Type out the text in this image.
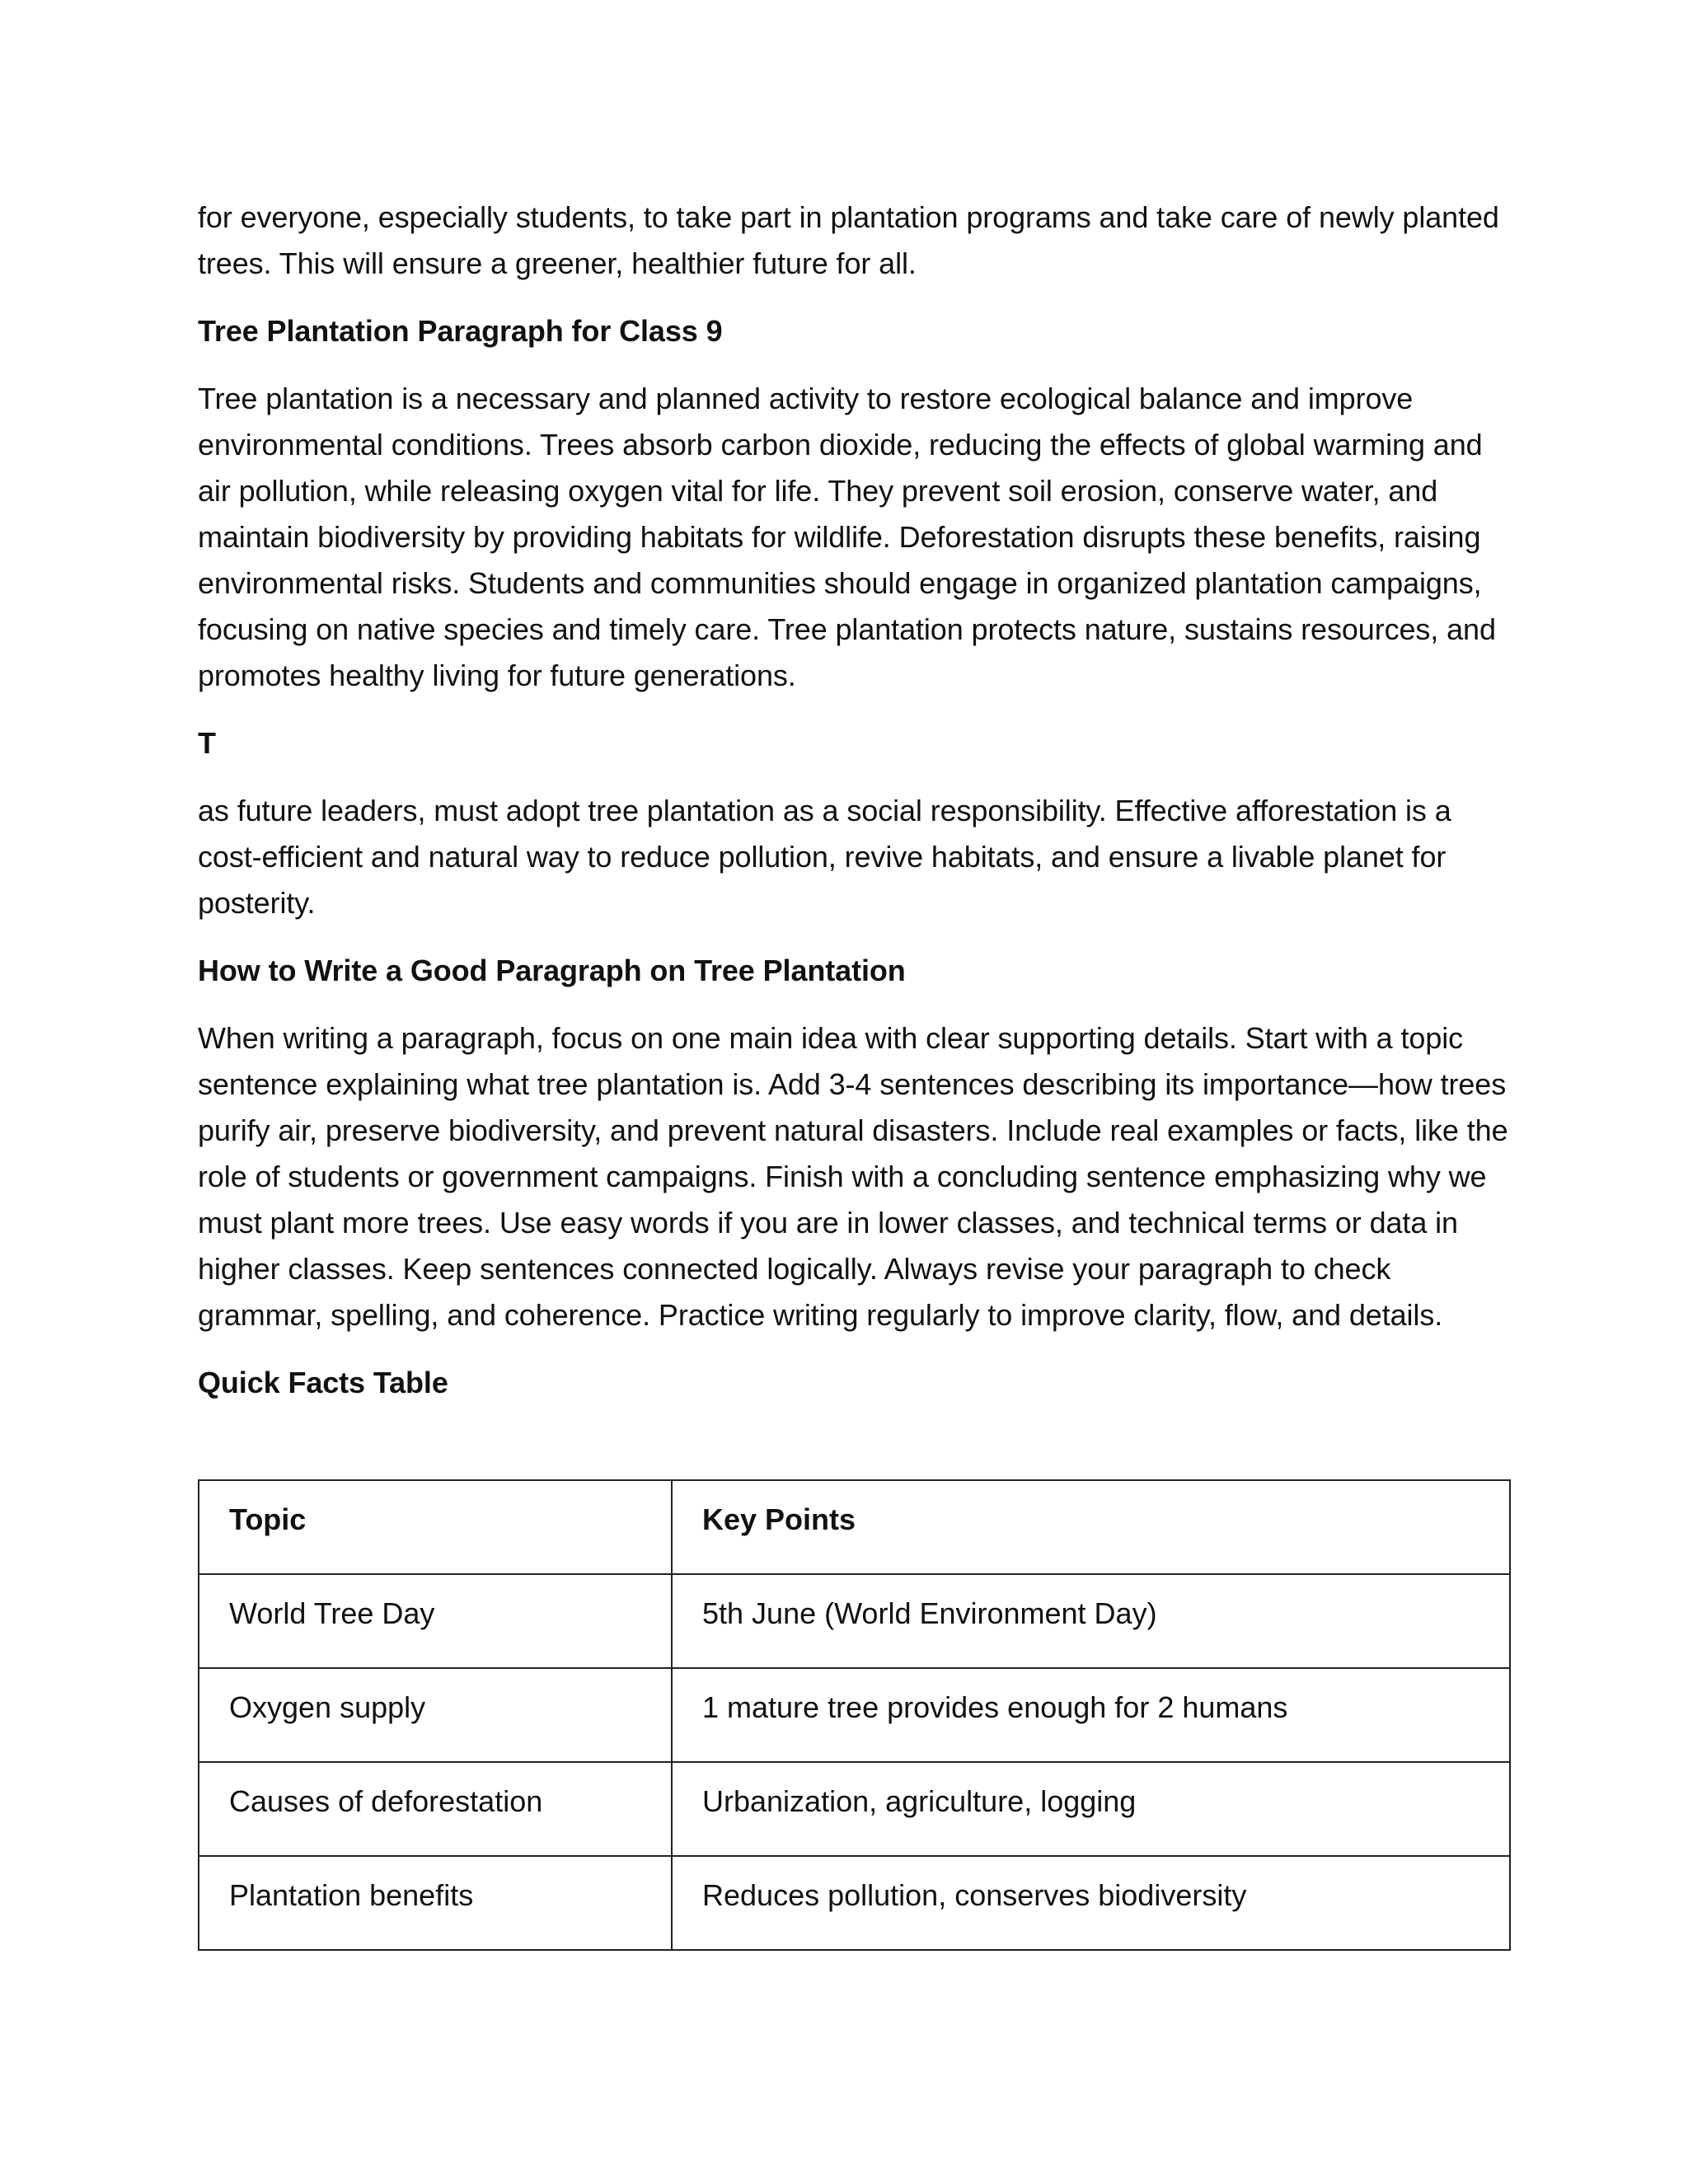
for everyone, especially students, to take part in plantation programs and take care of newly planted trees. This will ensure a greener, healthier future for all.

Tree Plantation Paragraph for Class 9

Tree plantation is a necessary and planned activity to restore ecological balance and improve environmental conditions. Trees absorb carbon dioxide, reducing the effects of global warming and air pollution, while releasing oxygen vital for life. They prevent soil erosion, conserve water, and maintain biodiversity by providing habitats for wildlife. Deforestation disrupts these benefits, raising environmental risks. Students and communities should engage in organized plantation campaigns, focusing on native species and timely care. Tree plantation protects nature, sustains resources, and promotes healthy living for future generations.

T

as future leaders, must adopt tree plantation as a social responsibility. Effective afforestation is a cost-efficient and natural way to reduce pollution, revive habitats, and ensure a livable planet for posterity.

How to Write a Good Paragraph on Tree Plantation

When writing a paragraph, focus on one main idea with clear supporting details. Start with a topic sentence explaining what tree plantation is. Add 3-4 sentences describing its importance—how trees purify air, preserve biodiversity, and prevent natural disasters. Include real examples or facts, like the role of students or government campaigns. Finish with a concluding sentence emphasizing why we must plant more trees. Use easy words if you are in lower classes, and technical terms or data in higher classes. Keep sentences connected logically. Always revise your paragraph to check grammar, spelling, and coherence. Practice writing regularly to improve clarity, flow, and details.

Quick Facts Table

Topic	Key Points
World Tree Day	5th June (World Environment Day)
Oxygen supply	1 mature tree provides enough for 2 humans
Causes of deforestation	Urbanization, agriculture, logging
Plantation benefits	Reduces pollution, conserves biodiversity
